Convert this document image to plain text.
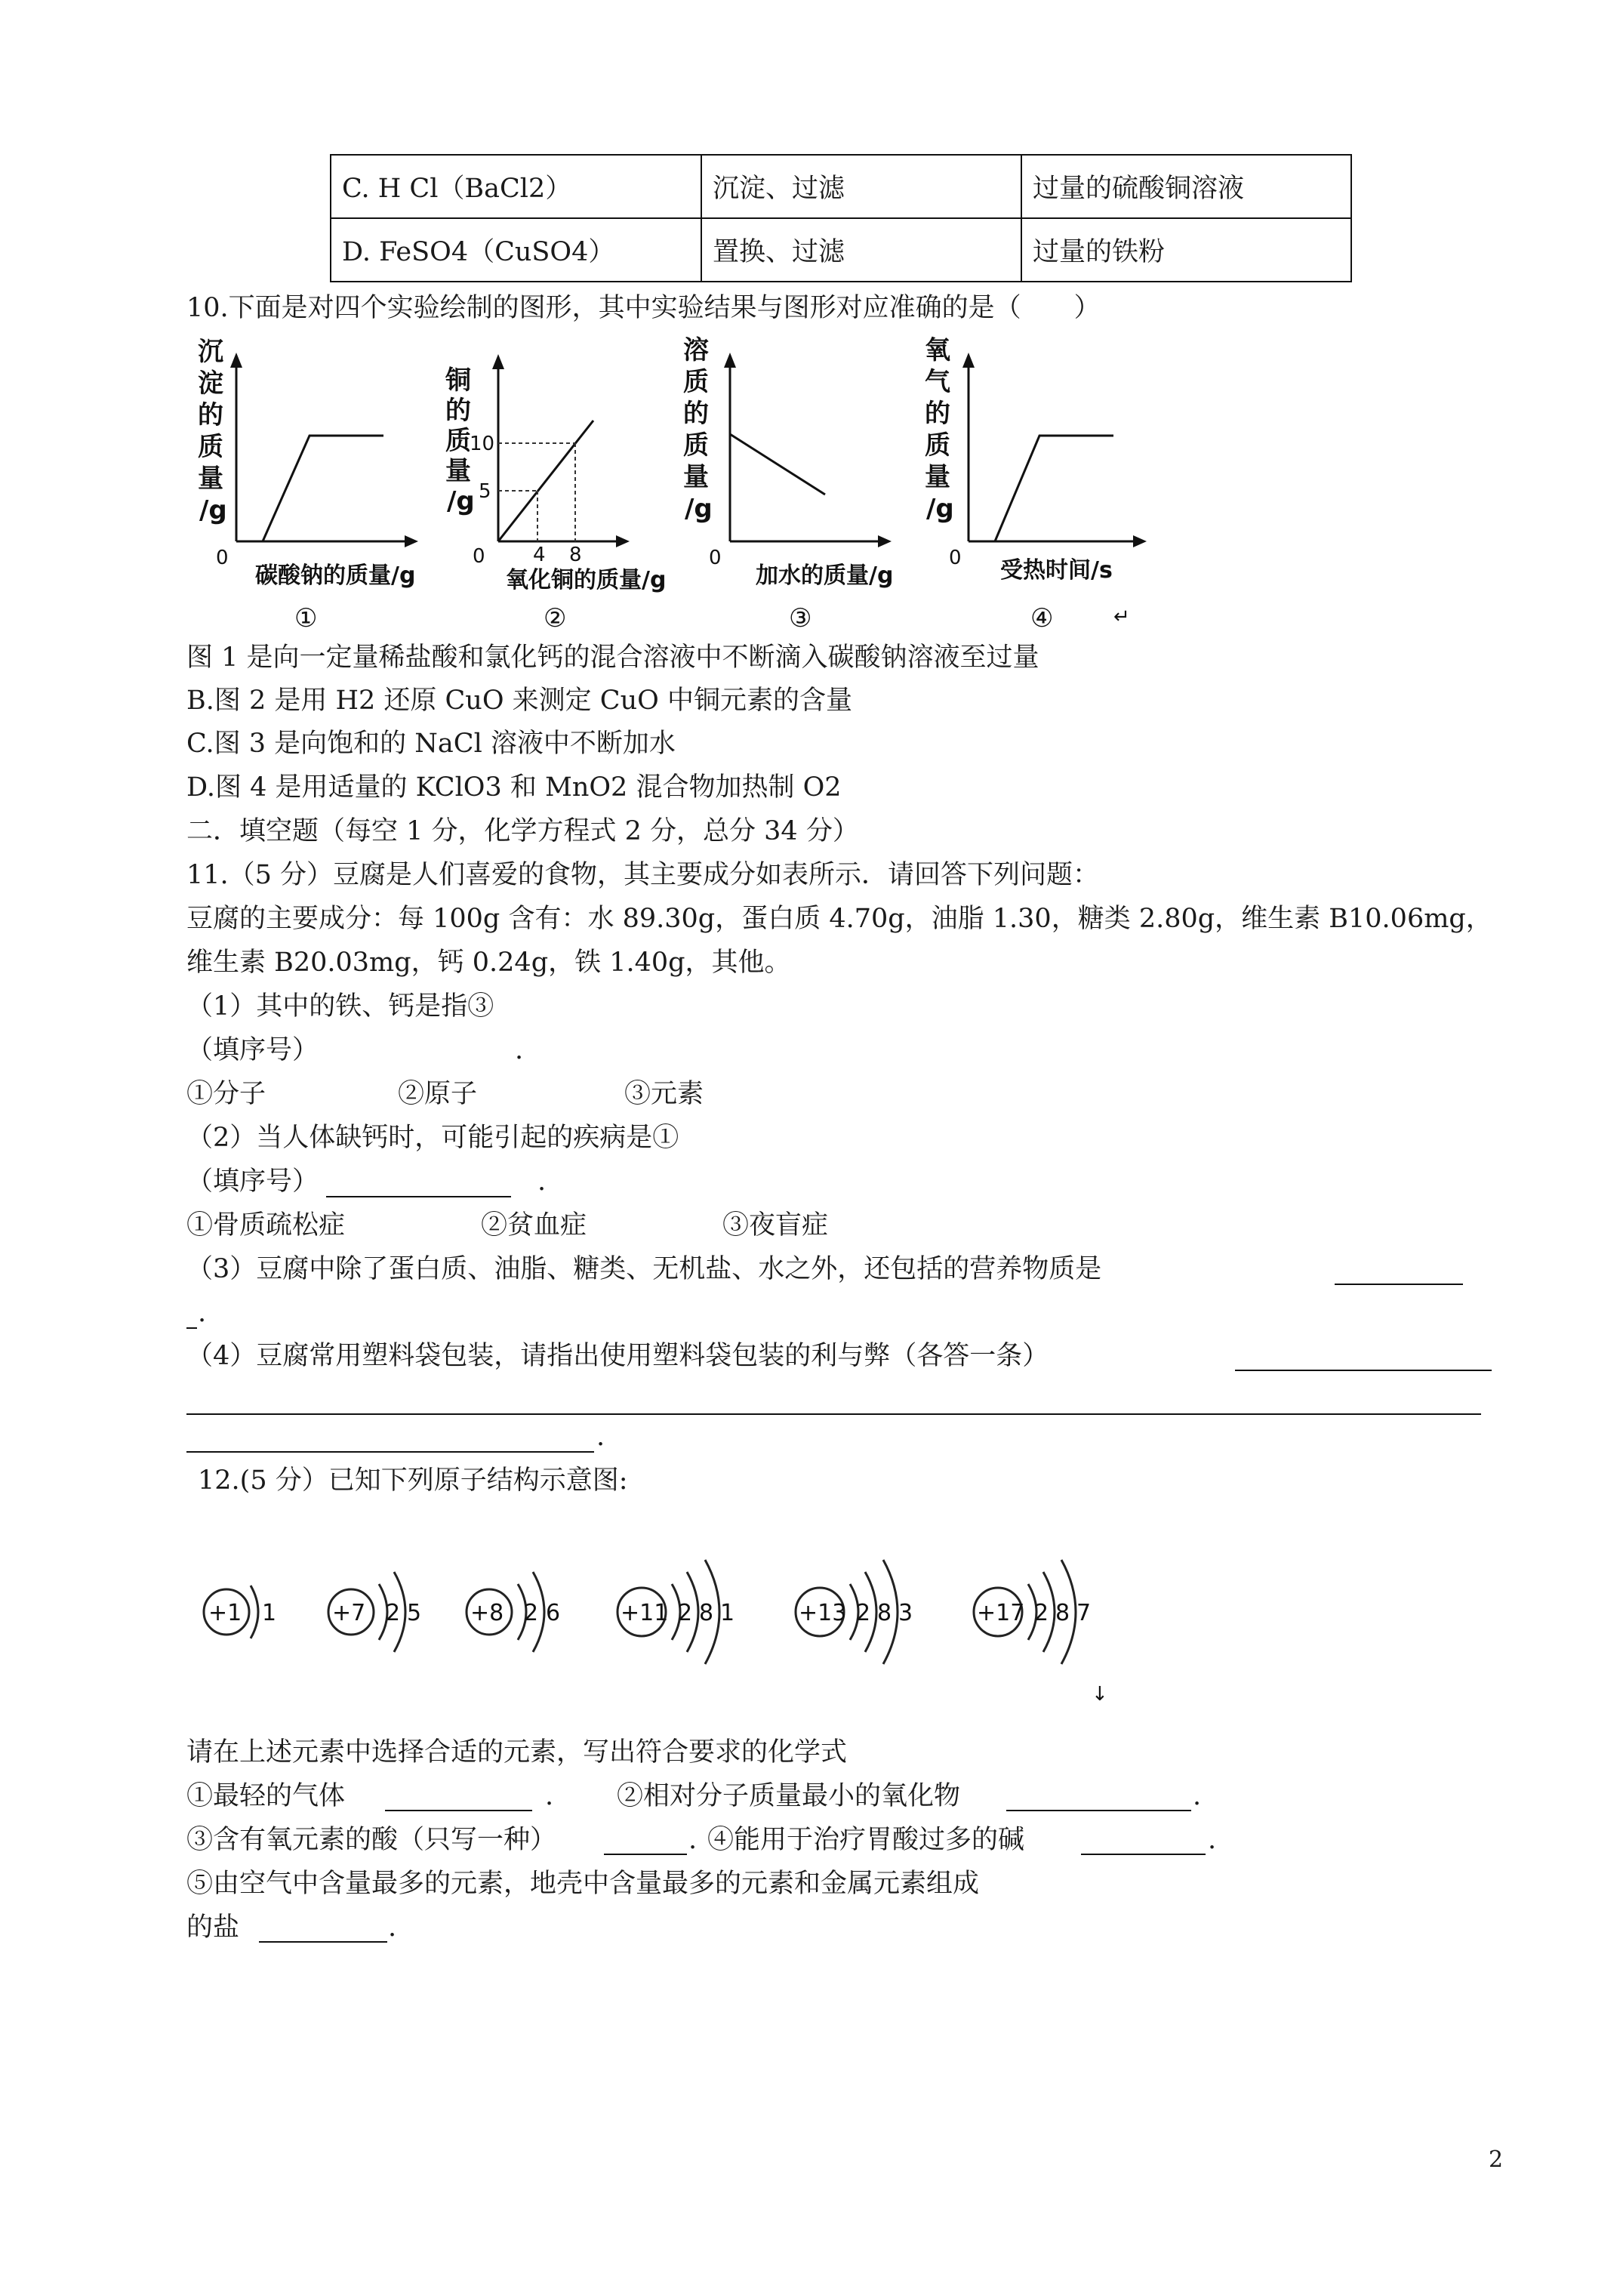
C. H Cl（BaCl2）	沉淀、过滤	过量的硫酸铜溶液
D. FeSO4（CuSO4）	置换、过滤	过量的铁粉
10.下面是对四个实验绘制的图形，其中实验结果与图形对应准确的是（　　）
沉
淀
的
质
量
/g
0
碳酸钠的质量/g
①
铜
的
质
量
/g
10
5
0 4 8
氧化铜的质量/g
②
溶
质
的
质
量
/g
0
加水的质量/g
③
氧
气
的
质
量
/g
0 受热时间/s
④	↵
图 1 是向一定量稀盐酸和氯化钙的混合溶液中不断滴入碳酸钠溶液至过量
B.图 2 是用 H2 还原 CuO 来测定 CuO 中铜元素的含量
C.图 3 是向饱和的 NaCl 溶液中不断加水
D.图 4 是用适量的 KClO3 和 MnO2 混合物加热制 O2
二．填空题（每空 1 分，化学方程式 2 分，总分 34 分）
11.（5 分）豆腐是人们喜爱的食物，其主要成分如表所示．请回答下列问题：
豆腐的主要成分：每 100g 含有：水 89.30g，蛋白质 4.70g，油脂 1.30，糖类 2.80g，维生素 B10.06mg，
维生素 B20.03mg，钙 0.24g，铁 1.40g，其他。
（1）其中的铁、钙是指③
（填序号）	.
①分子	②原子	③元素
（2）当人体缺钙时，可能引起的疾病是①
（填序号）	.
①骨质疏松症	②贫血症	③夜盲症
（3）豆腐中除了蛋白质、油脂、糖类、无机盐、水之外，还包括的营养物质是
.
（4）豆腐常用塑料袋包装，请指出使用塑料袋包装的利与弊（各答一条）
.
12.(5 分）已知下列原子结构示意图:
+1 1 +7 2 5 +8 2 6	+11 2 8 1	+13 2 8 3	+17 2 8 7
↓
请在上述元素中选择合适的元素，写出符合要求的化学式
①最轻的气体	. ②相对分子质量最小的氧化物	.
③含有氧元素的酸（只写一种）	. ④能用于治疗胃酸过多的碱	.
⑤由空气中含量最多的元素，地壳中含量最多的元素和金属元素组成
的盐	.
2
